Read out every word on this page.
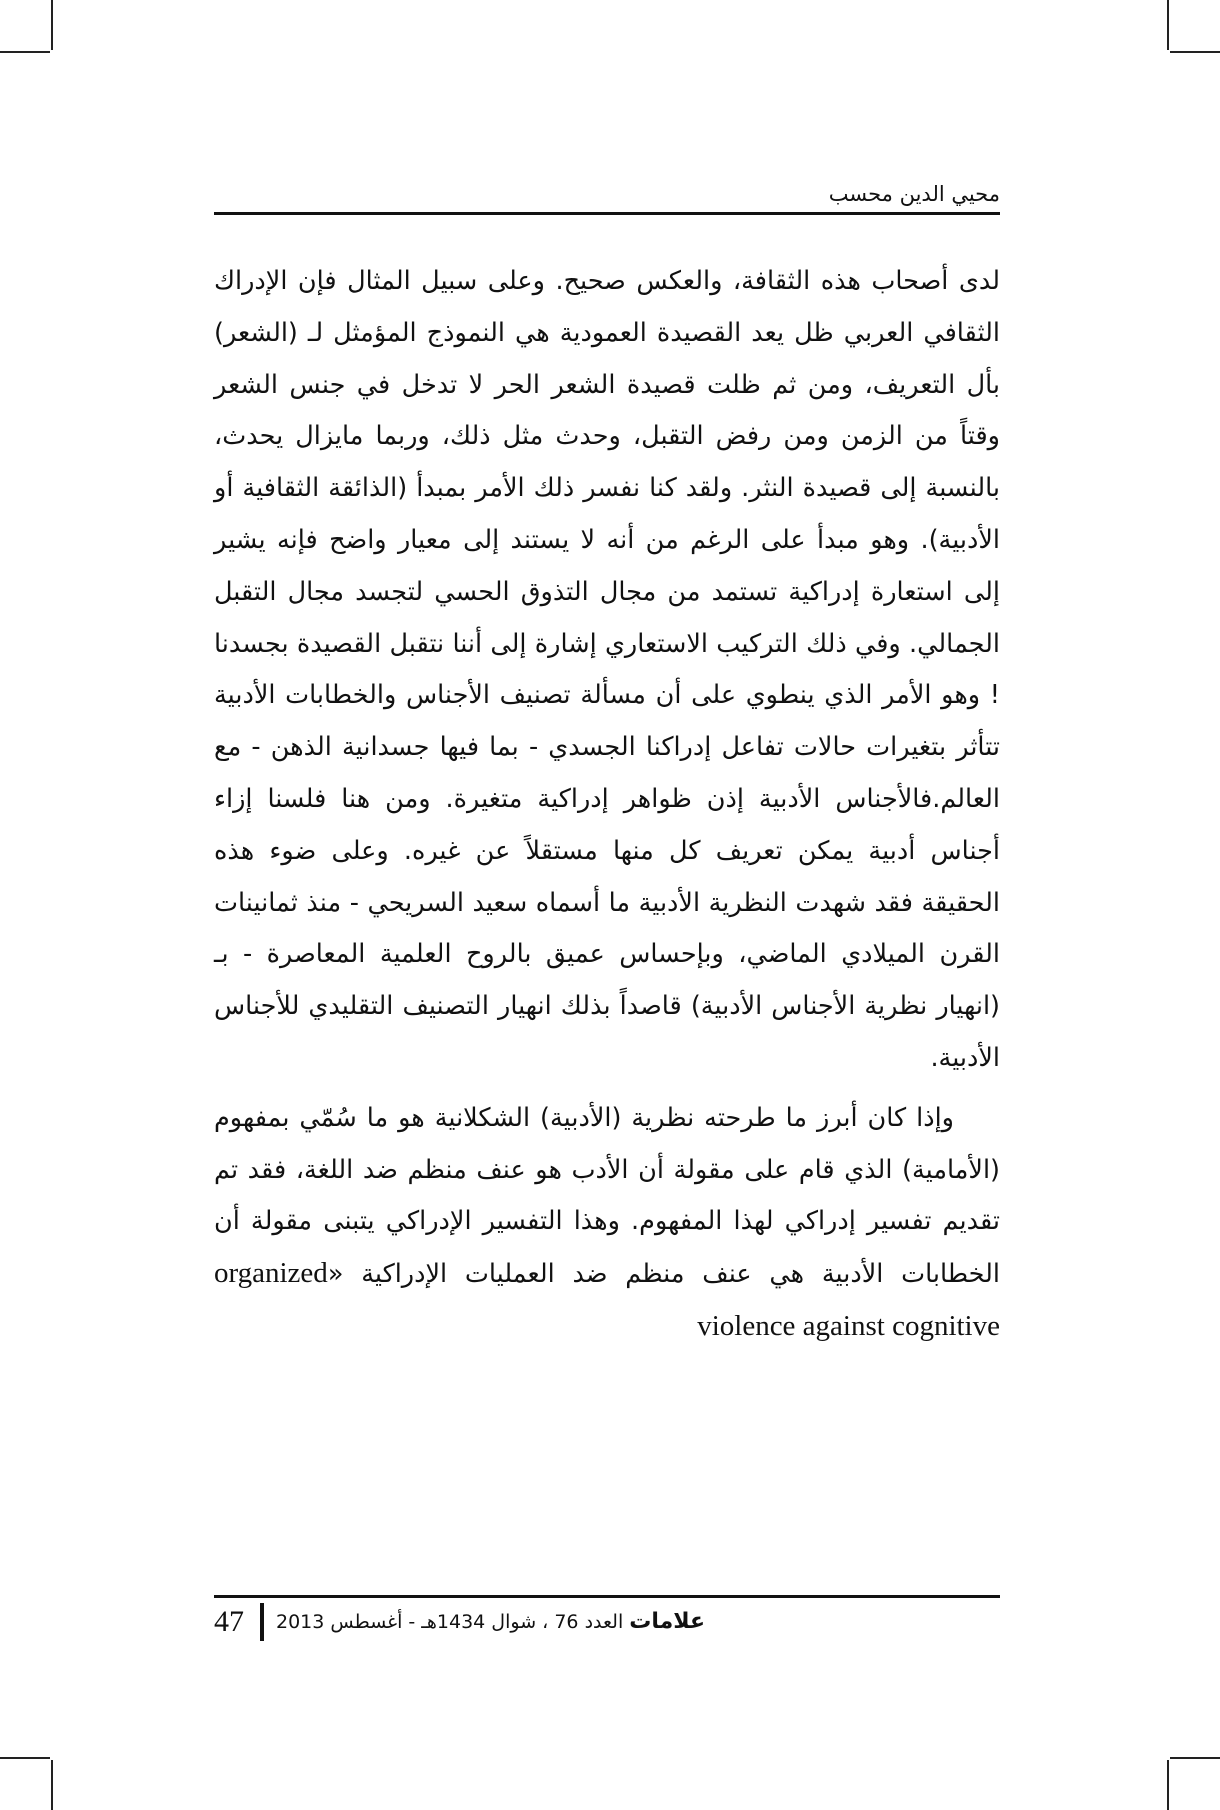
محيي الدين محسب

لدى أصحاب هذه الثقافة، والعكس صحيح. وعلى سبيل المثال فإن الإدراك الثقافي العربي ظل يعد القصيدة العمودية هي النموذج المؤمثل لـ (الشعر) بأل التعريف، ومن ثم ظلت قصيدة الشعر الحر لا تدخل في جنس الشعر وقتاً من الزمن ومن رفض التقبل، وحدث مثل ذلك، وربما مايزال يحدث، بالنسبة إلى قصيدة النثر. ولقد كنا نفسر ذلك الأمر بمبدأ (الذائقة الثقافية أو الأدبية). وهو مبدأ على الرغم من أنه لا يستند إلى معيار واضح فإنه يشير إلى استعارة إدراكية تستمد من مجال التذوق الحسي لتجسد مجال التقبل الجمالي. وفي ذلك التركيب الاستعاري إشارة إلى أننا نتقبل القصيدة بجسدنا ! وهو الأمر الذي ينطوي على أن مسألة تصنيف الأجناس والخطابات الأدبية تتأثر بتغيرات حالات تفاعل إدراكنا الجسدي - بما فيها جسدانية الذهن - مع العالم.فالأجناس الأدبية إذن ظواهر إدراكية متغيرة. ومن هنا فلسنا إزاء أجناس أدبية يمكن تعريف كل منها مستقلاً عن غيره. وعلى ضوء هذه الحقيقة فقد شهدت النظرية الأدبية ما أسماه سعيد السريحي - منذ ثمانينات القرن الميلادي الماضي، وبإحساس عميق بالروح العلمية المعاصرة - بـ (انهيار نظرية الأجناس الأدبية) قاصداً بذلك انهيار التصنيف التقليدي للأجناس الأدبية.

وإذا كان أبرز ما طرحته نظرية (الأدبية) الشكلانية هو ما سُمّي بمفهوم (الأمامية) الذي قام على مقولة أن الأدب هو عنف منظم ضد اللغة، فقد تم تقديم تفسير إدراكي لهذا المفهوم. وهذا التفسير الإدراكي يتبنى مقولة أن الخطابات الأدبية هي عنف منظم ضد العمليات الإدراكية «organized violence against cognitive

47	علامات العدد 76 ، شوال 1434هـ - أغسطس 2013
